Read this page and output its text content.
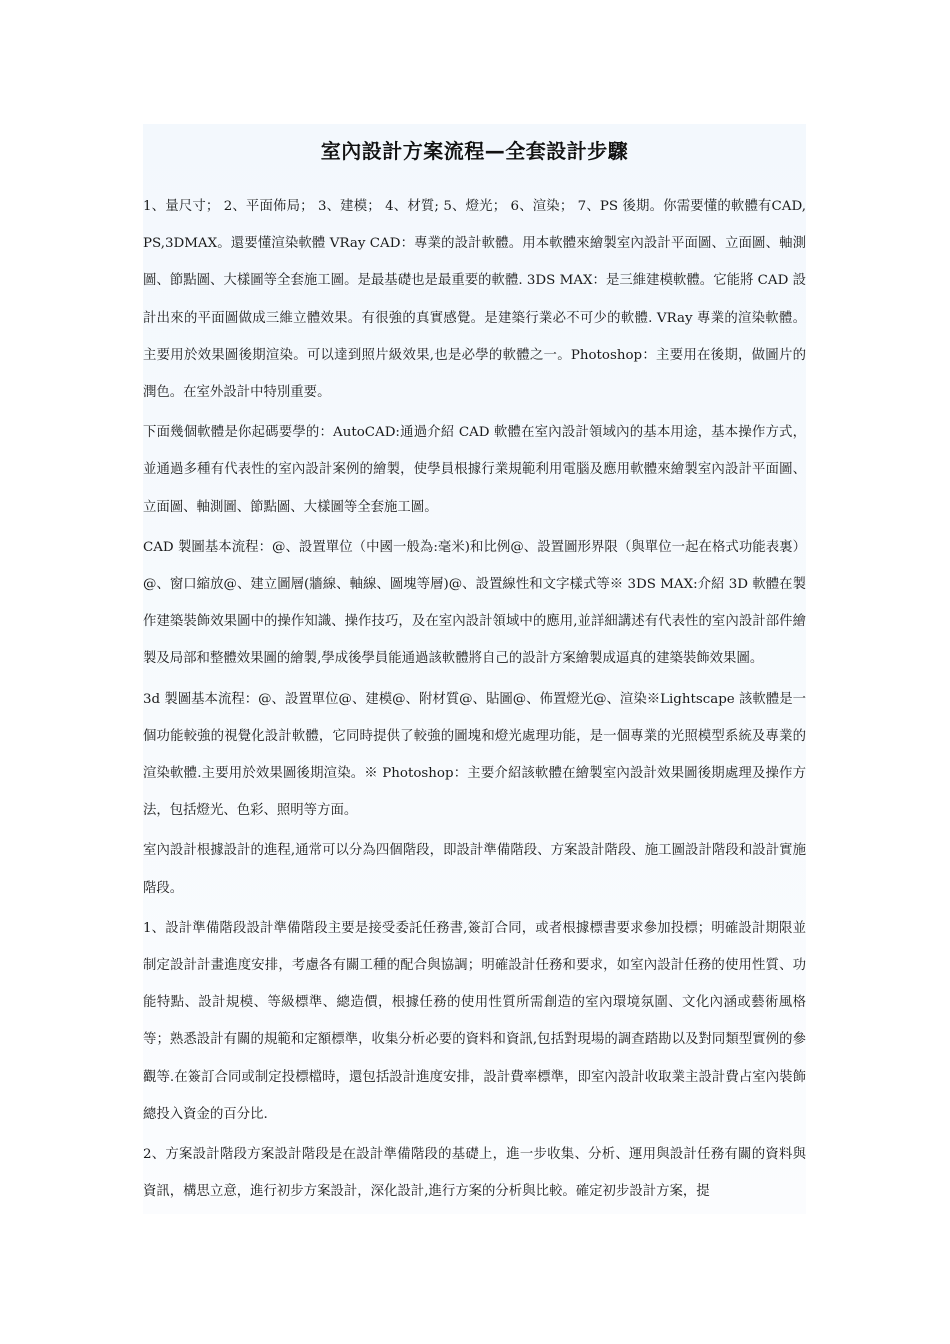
室內設計方案流程—全套設計步驟

1、量尺寸； 2、平面佈局； 3、建模； 4、材質; 5、燈光； 6、渲染； 7、PS 後期。你需要懂的軟體有CAD,PS,3DMAX。還要懂渲染軟體 VRay CAD：專業的設計軟體。用本軟體來繪製室內設計平面圖、立面圖、軸測圖、節點圖、大樣圖等全套施工圖。是最基礎也是最重要的軟體. 3DS MAX：是三維建模軟體。它能將 CAD 設計出來的平面圖做成三維立體效果。有很強的真實感覺。是建築行業必不可少的軟體. VRay 專業的渲染軟體。主要用於效果圖後期渲染。可以達到照片級效果,也是必學的軟體之一。Photoshop：主要用在後期，做圖片的潤色。在室外設計中特別重要。

下面幾個軟體是你起碼要學的：AutoCAD:通過介紹 CAD 軟體在室內設計領域內的基本用途，基本操作方式，並通過多種有代表性的室內設計案例的繪製，使學員根據行業規範利用電腦及應用軟體來繪製室內設計平面圖、立面圖、軸測圖、節點圖、大樣圖等全套施工圖。

CAD 製圖基本流程：@、設置單位（中國一般為:毫米)和比例@、設置圖形界限（與單位一起在格式功能表裏）@、窗口縮放@、建立圖層(牆線、軸線、圖塊等層)@、設置線性和文字樣式等※ 3DS MAX:介紹 3D 軟體在製作建築裝飾效果圖中的操作知識、操作技巧，及在室內設計領域中的應用,並詳細講述有代表性的室內設計部件繪製及局部和整體效果圖的繪製,學成後學員能通過該軟體將自己的設計方案繪製成逼真的建築裝飾效果圖。

3d 製圖基本流程：@、設置單位@、建模@、附材質@、貼圖@、佈置燈光@、渲染※Lightscape 該軟體是一個功能較強的視覺化設計軟體，它同時提供了較強的圖塊和燈光處理功能，是一個專業的光照模型系統及專業的渲染軟體.主要用於效果圖後期渲染。※ Photoshop：主要介紹該軟體在繪製室內設計效果圖後期處理及操作方法，包括燈光、色彩、照明等方面。

室內設計根據設計的進程,通常可以分為四個階段，即設計準備階段、方案設計階段、施工圖設計階段和設計實施階段。

1、設計準備階段設計準備階段主要是接受委託任務書,簽訂合同，或者根據標書要求參加投標；明確設計期限並制定設計計畫進度安排，考慮各有關工種的配合與協調；明確設計任務和要求，如室內設計任務的使用性質、功能特點、設計規模、等級標準、總造價，根據任務的使用性質所需創造的室內環境氛圍、文化內涵或藝術風格等；熟悉設計有關的規範和定額標準，收集分析必要的資料和資訊,包括對現場的調查踏勘以及對同類型實例的參觀等.在簽訂合同或制定投標檔時，還包括設計進度安排，設計費率標準，即室內設計收取業主設計費占室內裝飾總投入資金的百分比.

2、方案設計階段方案設計階段是在設計準備階段的基礎上，進一步收集、分析、運用與設計任務有關的資料與資訊，構思立意，進行初步方案設計，深化設計,進行方案的分析與比較。確定初步設計方案，提
